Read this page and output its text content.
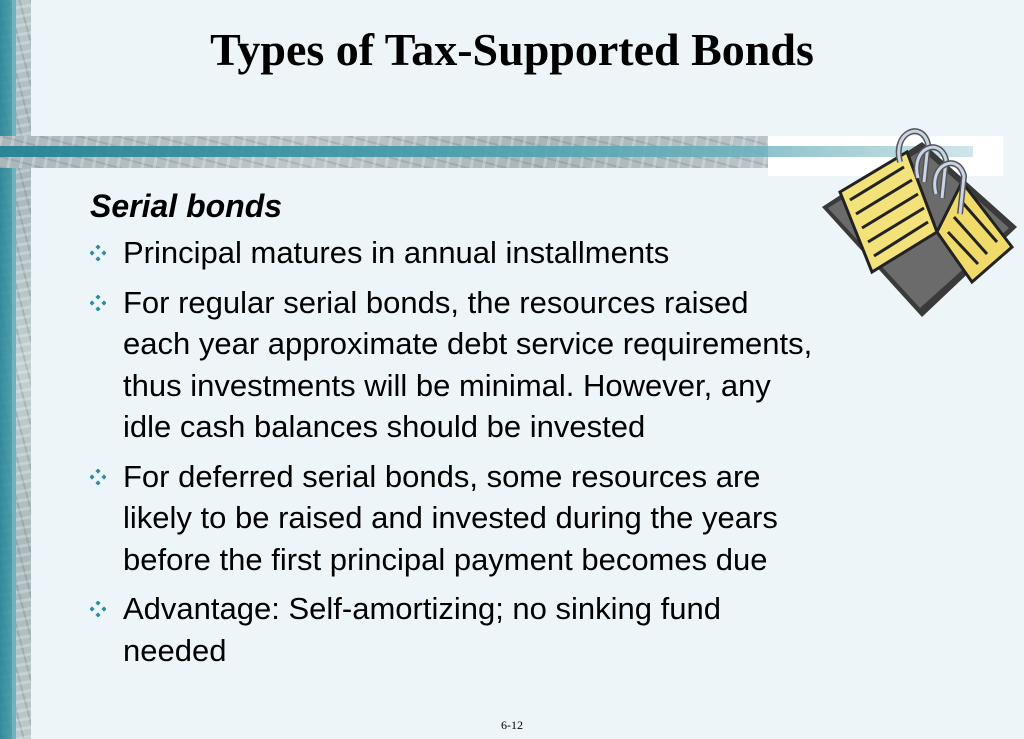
Types of Tax-Supported Bonds
Serial bonds
Principal matures in annual installments
For regular serial bonds, the resources raised
each year approximate debt service requirements,
thus investments will be minimal. However, any
idle cash balances should be invested
For deferred serial bonds, some resources are
likely to be raised and invested during the years
before the first principal payment becomes due
Advantage: Self-amortizing; no sinking fund
needed
6-12
